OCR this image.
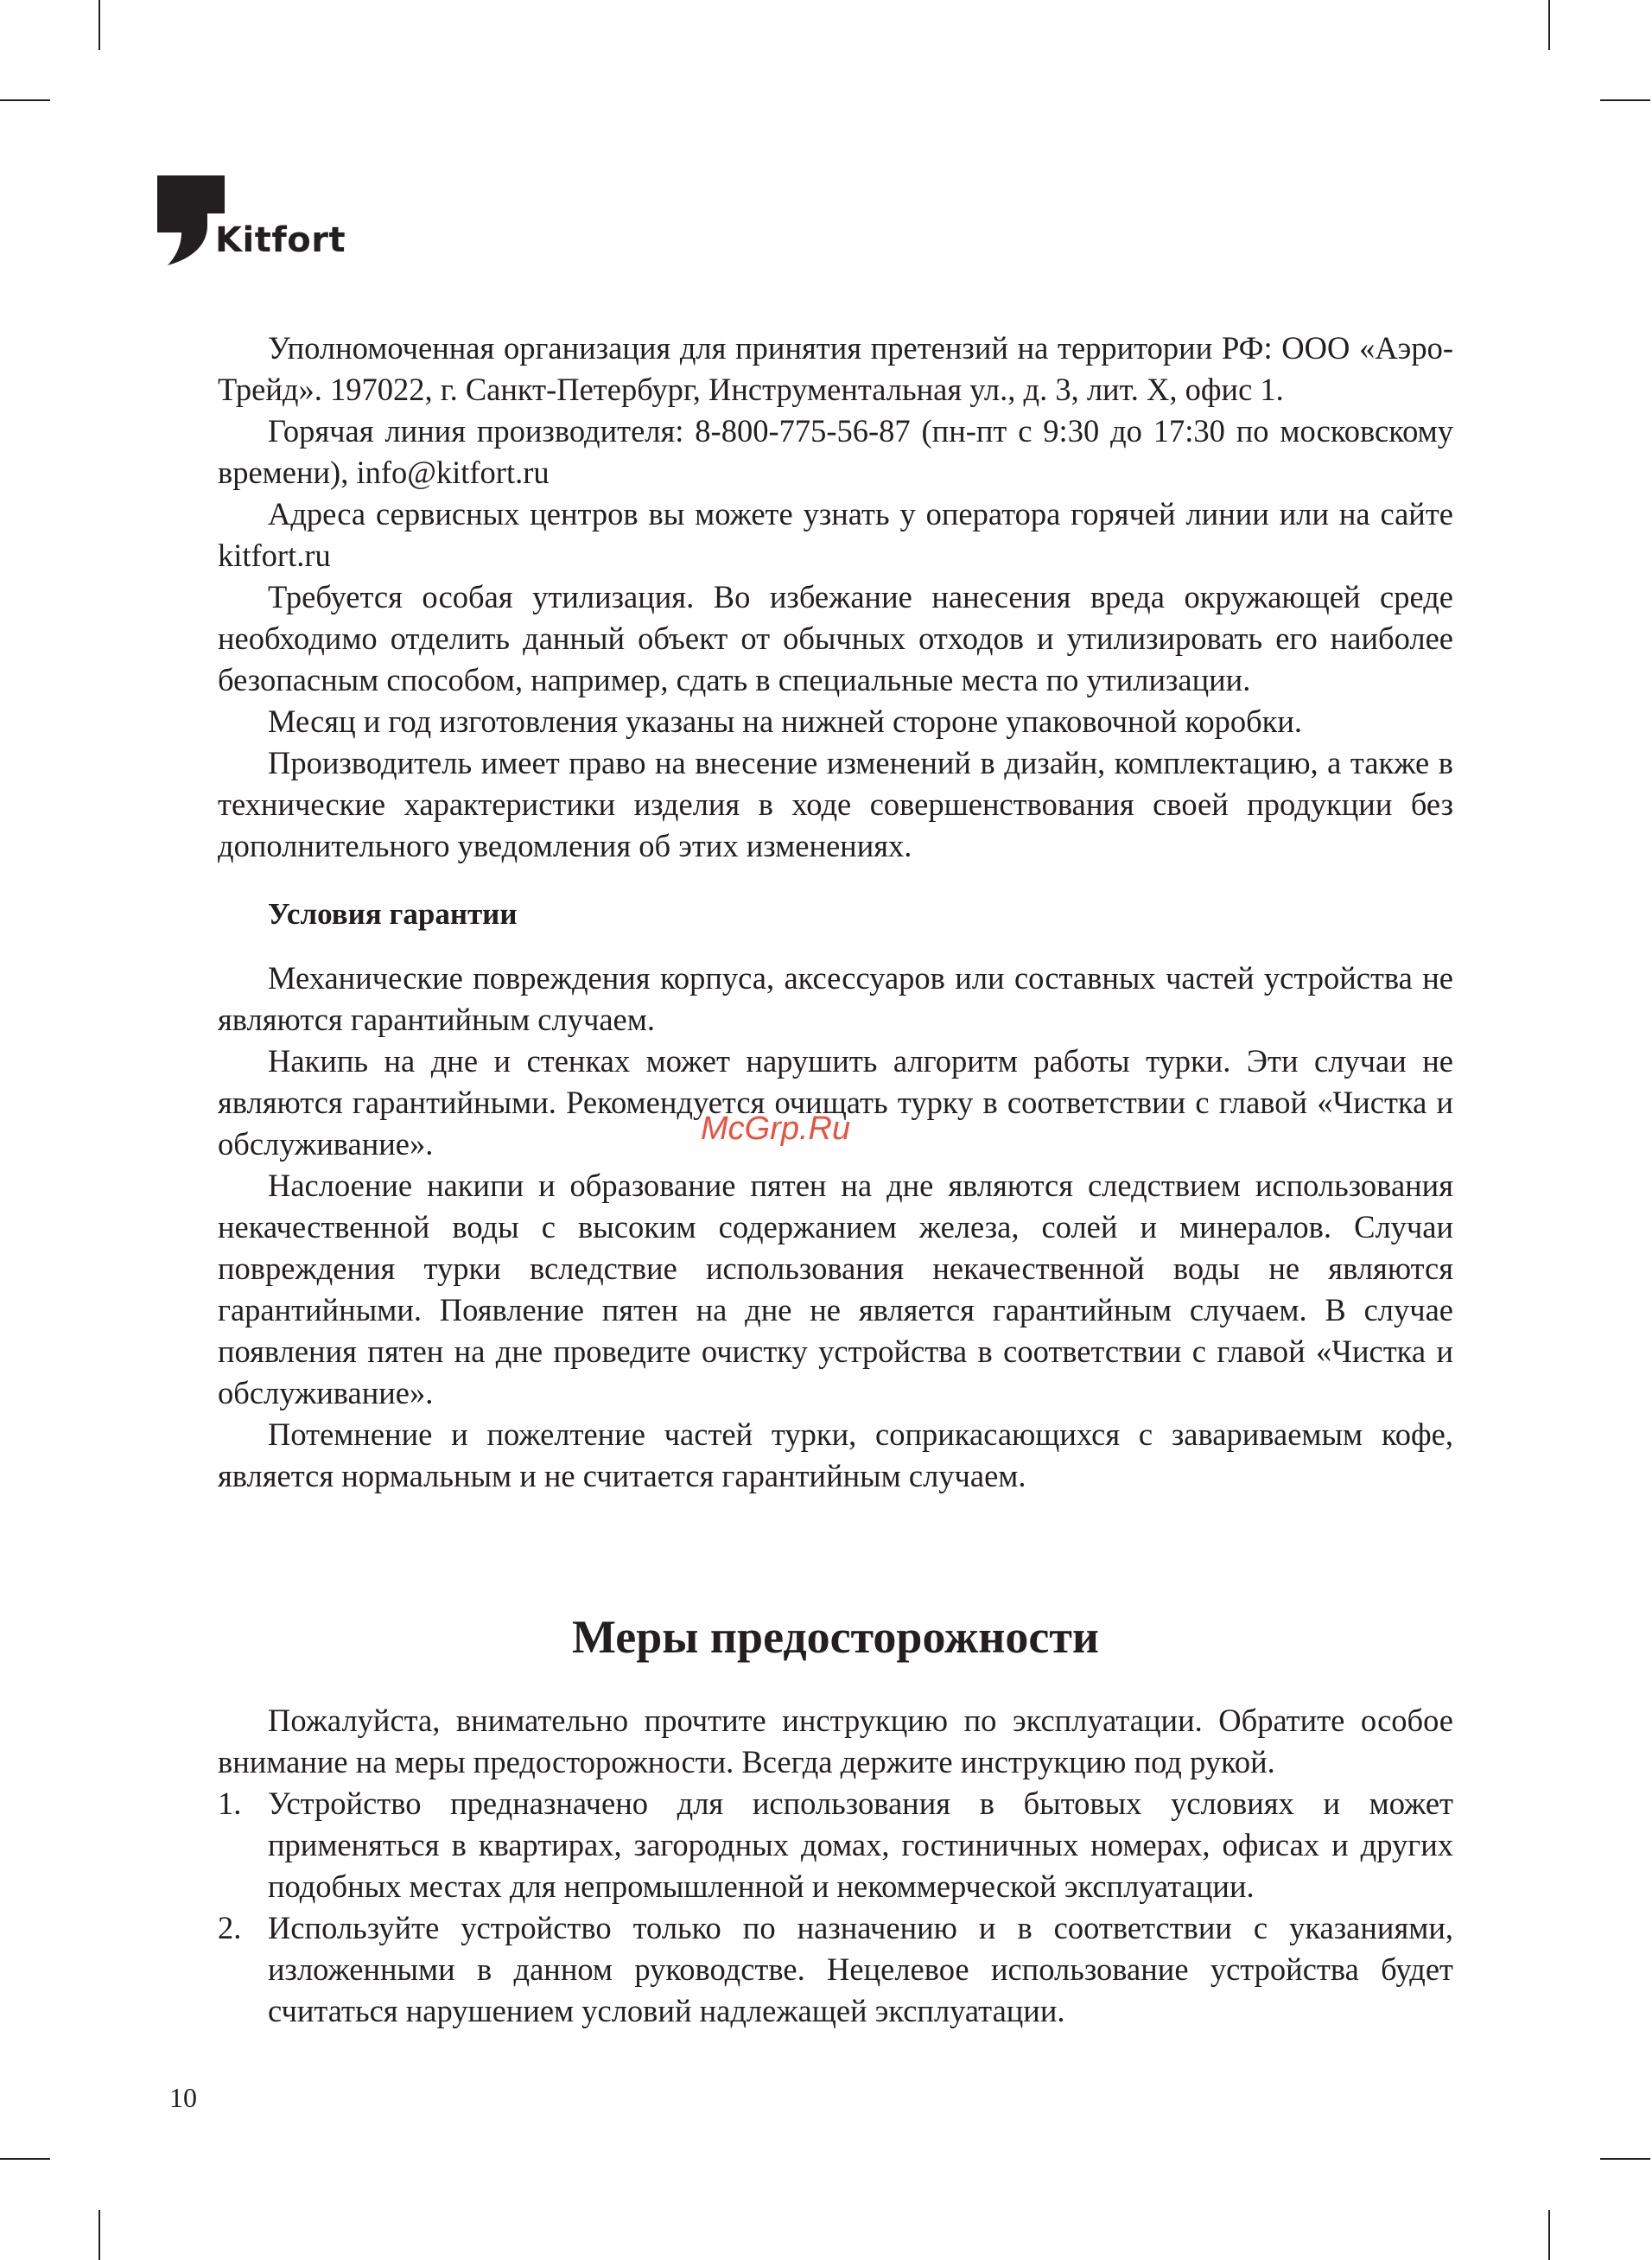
Kitfort
McGrp.Ru

Уполномоченная организация для принятия претензий на территории РФ: ООО «Аэро-Трейд». 197022, г. Санкт-Петербург, Инструментальная ул., д. 3, лит. Х, офис 1.

Горячая линия производителя: 8-800-775-56-87 (пн-пт с 9:30 до 17:30 по московскому времени), info@kitfort.ru

Адреса сервисных центров вы можете узнать у оператора горячей линии или на сайте kitfort.ru

Требуется особая утилизация. Во избежание нанесения вреда окружающей среде необходимо отделить данный объект от обычных отходов и утилизировать его наиболее безопасным способом, например, сдать в специальные места по утилизации.

Месяц и год изготовления указаны на нижней стороне упаковочной коробки.

Производитель имеет право на внесение изменений в дизайн, комплектацию, а также в технические характеристики изделия в ходе совершенствования своей продукции без дополнительного уведомления об этих изменениях.

Условия гарантии

Механические повреждения корпуса, аксессуаров или составных частей устройства не являются гарантийным случаем.

Накипь на дне и стенках может нарушить алгоритм работы турки. Эти случаи не являются гарантийными. Рекомендуется очищать турку в соответствии с главой «Чистка и обслуживание».

Наслоение накипи и образование пятен на дне являются следствием использования некачественной воды с высоким содержанием железа, солей и минералов. Случаи повреждения турки вследствие использования некачественной воды не являются гарантийными. Появление пятен на дне не является гарантийным случаем. В случае появления пятен на дне проведите очистку устройства в соответствии с главой «Чистка и обслуживание».

Потемнение и пожелтение частей турки, соприкасающихся с завариваемым кофе, является нормальным и не считается гарантийным случаем.

Меры предосторожности

Пожалуйста, внимательно прочтите инструкцию по эксплуатации. Обратите особое внимание на меры предосторожности. Всегда держите инструкцию под рукой.

1. Устройство предназначено для использования в бытовых условиях и может применяться в квартирах, загородных домах, гостиничных номерах, офисах и других подобных местах для непромышленной и некоммерческой эксплуатации.
2. Используйте устройство только по назначению и в соответствии с указаниями, изложенными в данном руководстве. Нецелевое использование устройства будет считаться нарушением условий надлежащей эксплуатации.
10
